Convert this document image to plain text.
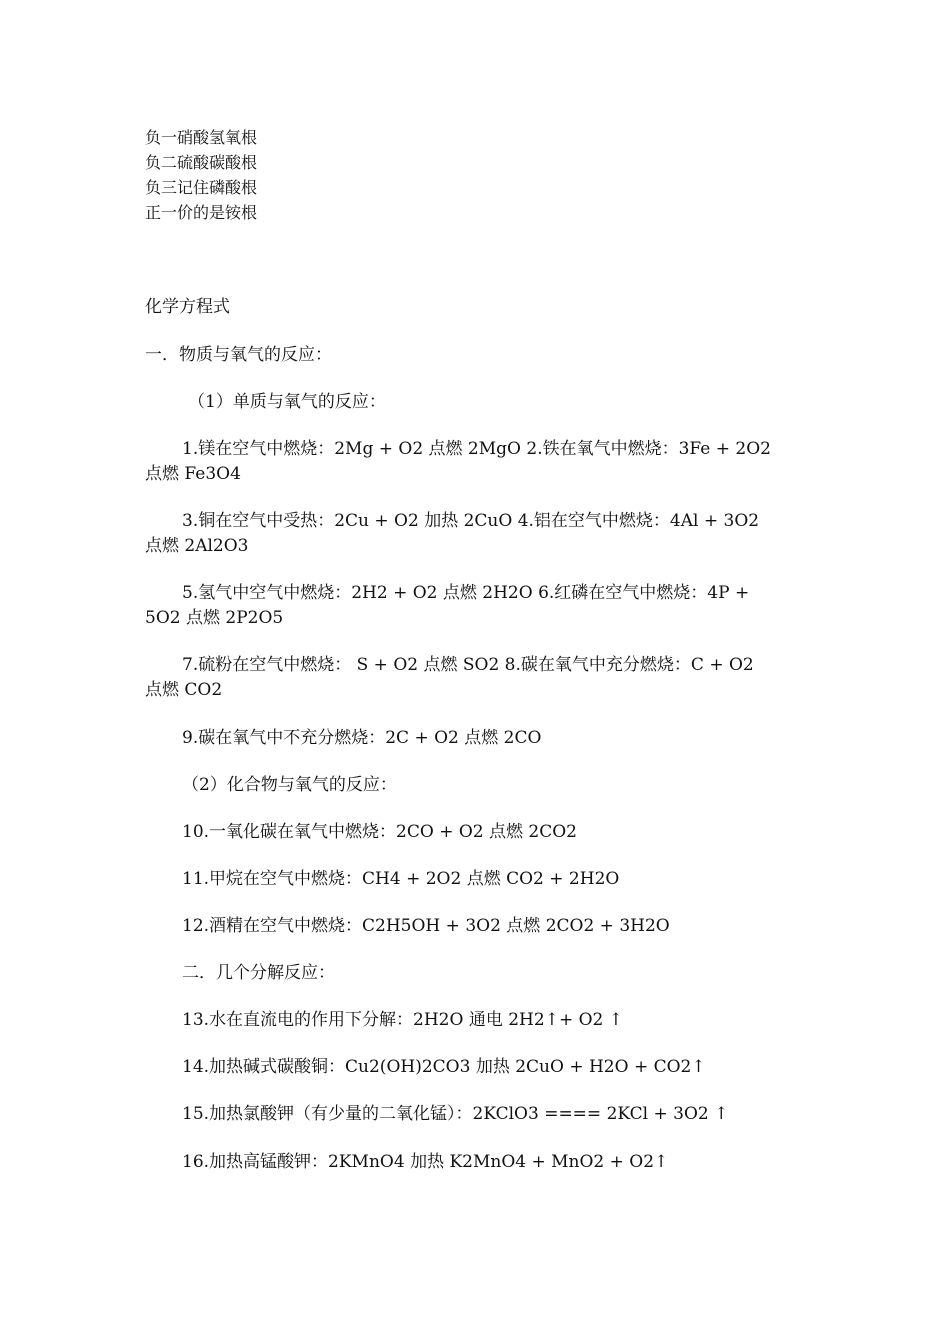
负一硝酸氢氧根
负二硫酸碳酸根
负三记住磷酸根
正一价的是铵根
化学方程式
一．物质与氧气的反应：
（1）单质与氧气的反应：
1.镁在空气中燃烧：2Mg + O2 点燃 2MgO 2.铁在氧气中燃烧：3Fe + 2O2
点燃 Fe3O4
3.铜在空气中受热：2Cu + O2 加热 2CuO 4.铝在空气中燃烧：4Al + 3O2
点燃 2Al2O3
5.氢气中空气中燃烧：2H2 + O2 点燃 2H2O 6.红磷在空气中燃烧：4P +
5O2 点燃 2P2O5
7.硫粉在空气中燃烧： S + O2 点燃 SO2 8.碳在氧气中充分燃烧：C + O2
点燃 CO2
9.碳在氧气中不充分燃烧：2C + O2 点燃 2CO
（2）化合物与氧气的反应：
10.一氧化碳在氧气中燃烧：2CO + O2 点燃 2CO2
11.甲烷在空气中燃烧：CH4 + 2O2 点燃 CO2 + 2H2O
12.酒精在空气中燃烧：C2H5OH + 3O2 点燃 2CO2 + 3H2O
二．几个分解反应：
13.水在直流电的作用下分解：2H2O 通电 2H2↑+ O2 ↑
14.加热碱式碳酸铜：Cu2(OH)2CO3 加热 2CuO + H2O + CO2↑
15.加热氯酸钾（有少量的二氧化锰）：2KClO3 ==== 2KCl + 3O2 ↑
16.加热高锰酸钾：2KMnO4 加热 K2MnO4 + MnO2 + O2↑
